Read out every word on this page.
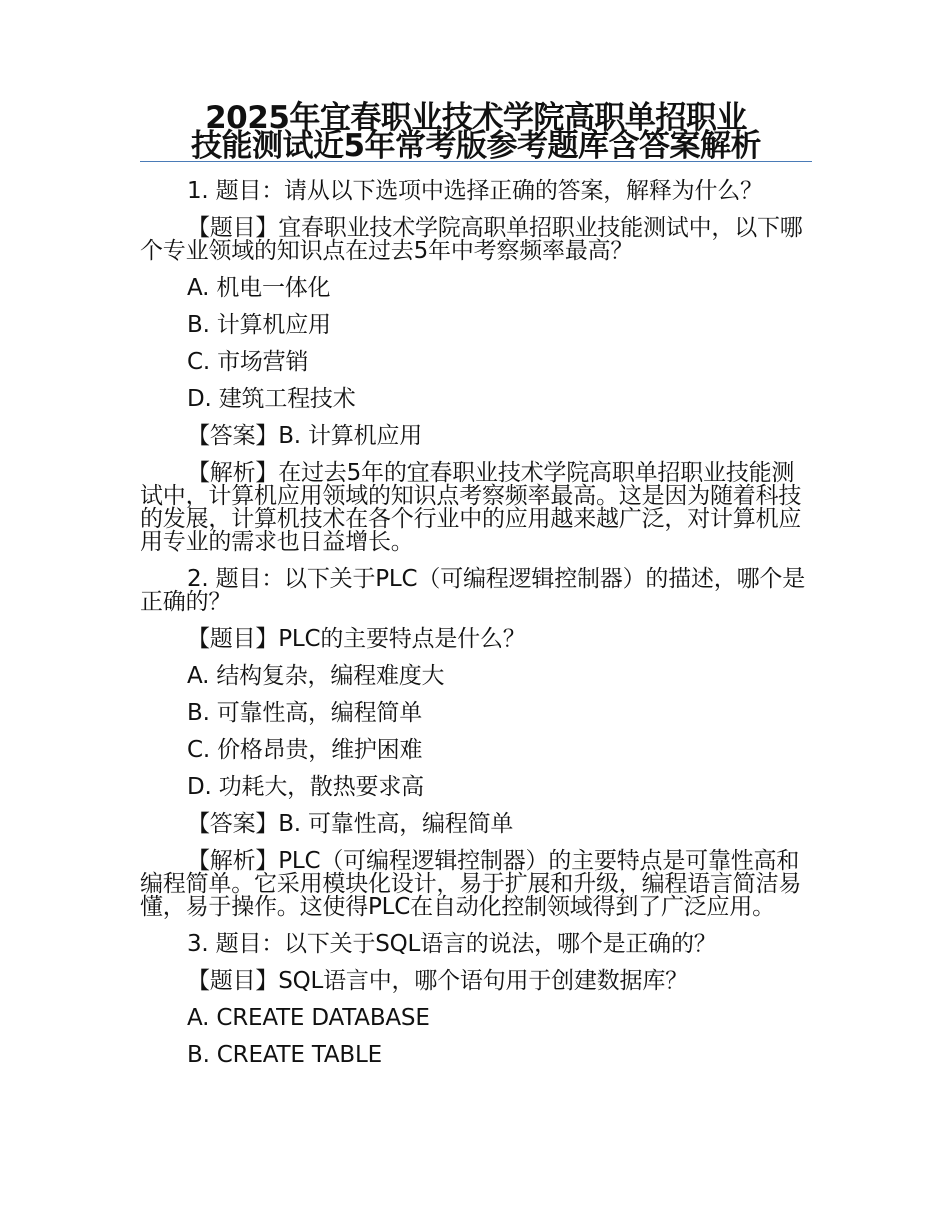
2025年宜春职业技术学院高职单招职业
技能测试近5年常考版参考题库含答案解析

1. 题目：请从以下选项中选择正确的答案，解释为什么？

【题目】宜春职业技术学院高职单招职业技能测试中，以下哪个专业领域的知识点在过去5年中考察频率最高？

A. 机电一体化

B. 计算机应用

C. 市场营销

D. 建筑工程技术

【答案】B. 计算机应用

【解析】在过去5年的宜春职业技术学院高职单招职业技能测试中，计算机应用领域的知识点考察频率最高。这是因为随着科技的发展，计算机技术在各个行业中的应用越来越广泛，对计算机应用专业的需求也日益增长。

2. 题目：以下关于PLC（可编程逻辑控制器）的描述，哪个是正确的？

【题目】PLC的主要特点是什么？

A. 结构复杂，编程难度大

B. 可靠性高，编程简单

C. 价格昂贵，维护困难

D. 功耗大，散热要求高

【答案】B. 可靠性高，编程简单

【解析】PLC（可编程逻辑控制器）的主要特点是可靠性高和编程简单。它采用模块化设计，易于扩展和升级，编程语言简洁易懂，易于操作。这使得PLC在自动化控制领域得到了广泛应用。

3. 题目：以下关于SQL语言的说法，哪个是正确的？

【题目】SQL语言中，哪个语句用于创建数据库？

A. CREATE DATABASE

B. CREATE TABLE
